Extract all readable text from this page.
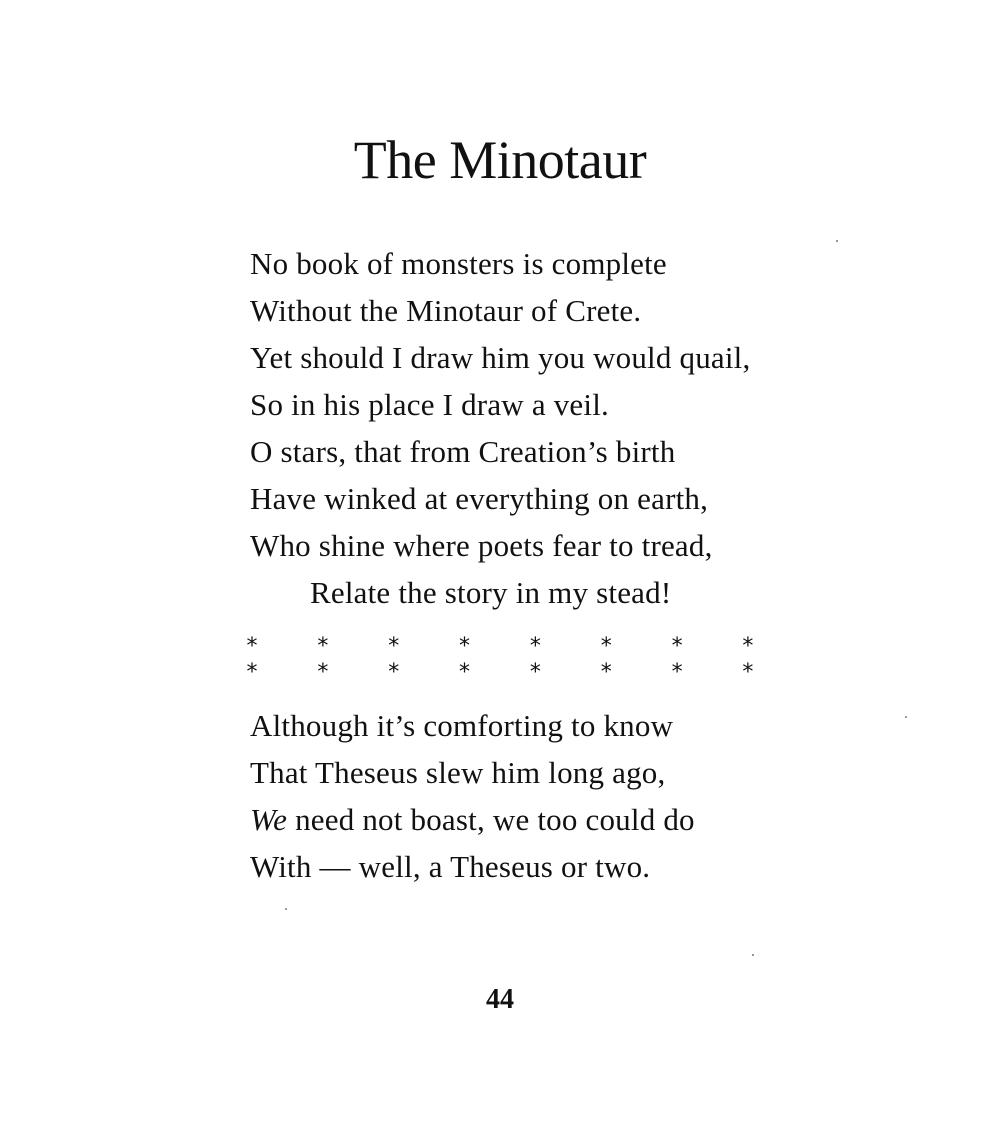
The Minotaur
No book of monsters is complete
Without the Minotaur of Crete.
Yet should I draw him you would quail,
So in his place I draw a veil.
O stars, that from Creation’s birth
Have winked at everything on earth,
Who shine where poets fear to tread,
Relate the story in my stead!
*	*	*	*	*	*	*	*
*	*	*	*	*	*	*	*
Although it’s comforting to know
That Theseus slew him long ago,
We need not boast, we too could do
With — well, a Theseus or two.
44
